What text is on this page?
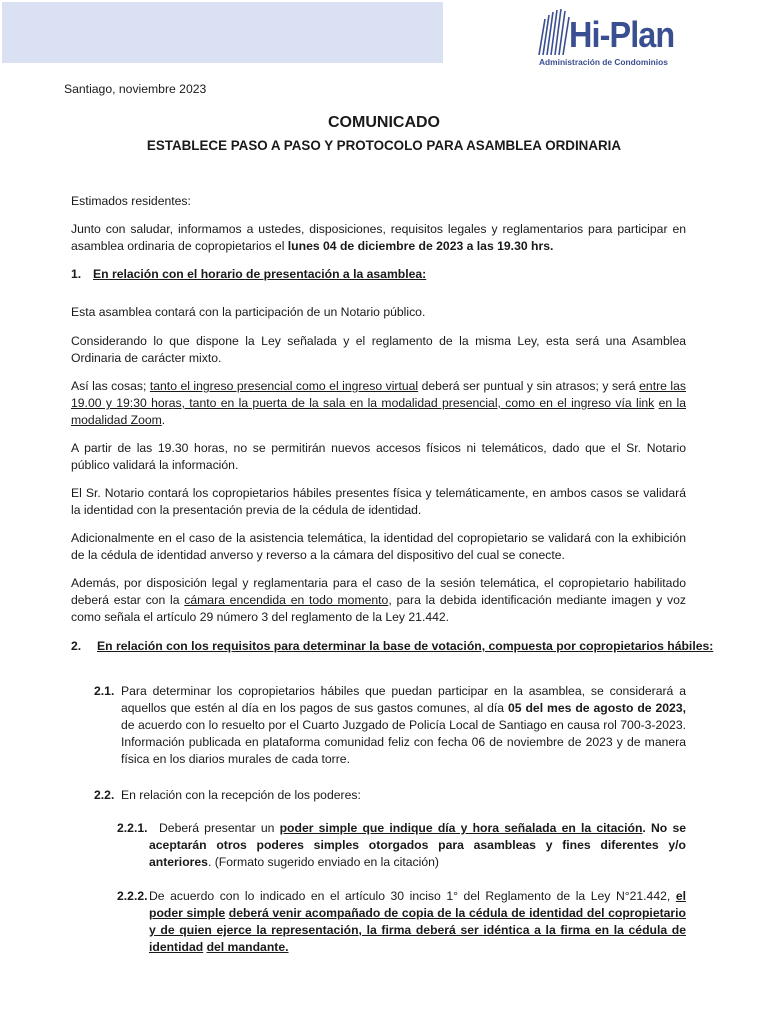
Hi-Plan
Administración de Condominios
Santiago, noviembre 2023
COMUNICADO
ESTABLECE PASO A PASO Y PROTOCOLO PARA ASAMBLEA ORDINARIA
Estimados residentes:
Junto con saludar, informamos a ustedes, disposiciones, requisitos legales y reglamentarios para participar en asamblea ordinaria de copropietarios el lunes 04 de diciembre de 2023 a las 19.30 hrs.
1. En relación con el horario de presentación a la asamblea:
Esta asamblea contará con la participación de un Notario público.
Considerando lo que dispone la Ley señalada y el reglamento de la misma Ley, esta será una Asamblea Ordinaria de carácter mixto.
Así las cosas; tanto el ingreso presencial como el ingreso virtual deberá ser puntual y sin atrasos; y será entre las 19.00 y 19:30 horas, tanto en la puerta de la sala en la modalidad presencial, como en el ingreso vía link en la modalidad Zoom.
A partir de las 19.30 horas, no se permitirán nuevos accesos físicos ni telemáticos, dado que el Sr. Notario público validará la información.
El Sr. Notario contará los copropietarios hábiles presentes física y telemáticamente, en ambos casos se validará la identidad con la presentación previa de la cédula de identidad.
Adicionalmente en el caso de la asistencia telemática, la identidad del copropietario se validará con la exhibición de la cédula de identidad anverso y reverso a la cámara del dispositivo del cual se conecte.
Además, por disposición legal y reglamentaria para el caso de la sesión telemática, el copropietario habilitado deberá estar con la cámara encendida en todo momento, para la debida identificación mediante imagen y voz como señala el artículo 29 número 3 del reglamento de la Ley 21.442.
2. En relación con los requisitos para determinar la base de votación, compuesta por copropietarios hábiles:
2.1. Para determinar los copropietarios hábiles que puedan participar en la asamblea, se considerará a aquellos que estén al día en los pagos de sus gastos comunes, al día 05 del mes de agosto de 2023, de acuerdo con lo resuelto por el Cuarto Juzgado de Policía Local de Santiago en causa rol 700-3-2023. Información publicada en plataforma comunidad feliz con fecha 06 de noviembre de 2023 y de manera física en los diarios murales de cada torre.
2.2. En relación con la recepción de los poderes:
2.2.1. Deberá presentar un poder simple que indique día y hora señalada en la citación. No se aceptarán otros poderes simples otorgados para asambleas y fines diferentes y/o anteriores. (Formato sugerido enviado en la citación)
2.2.2. De acuerdo con lo indicado en el artículo 30 inciso 1° del Reglamento de la Ley N°21.442, el poder simple deberá venir acompañado de copia de la cédula de identidad del copropietario y de quien ejerce la representación, la firma deberá ser idéntica a la firma en la cédula de identidad del mandante.
